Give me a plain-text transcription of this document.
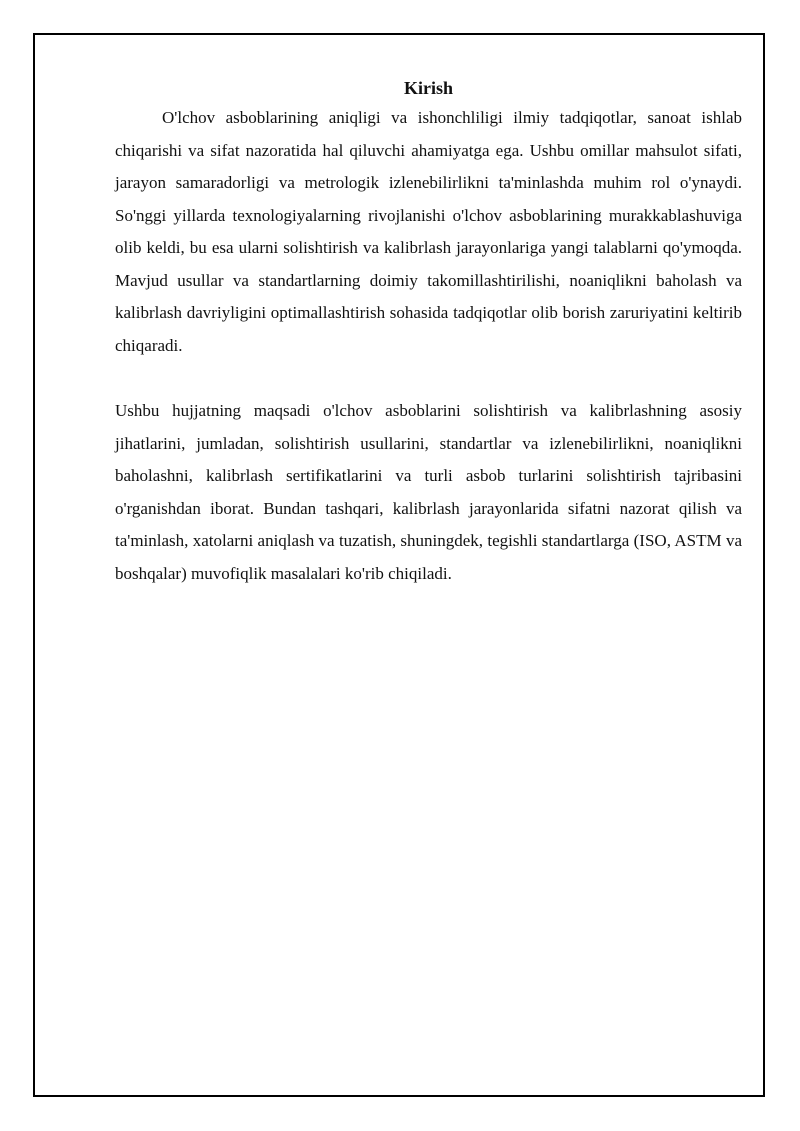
Kirish

O'lchov asboblarining aniqligi va ishonchliligi ilmiy tadqiqotlar, sanoat ishlab chiqarishi va sifat nazoratida hal qiluvchi ahamiyatga ega. Ushbu omillar mahsulot sifati, jarayon samaradorligi va metrologik izlenebilirlikni ta'minlashda muhim rol o'ynaydi. So'nggi yillarda texnologiyalarning rivojlanishi o'lchov asboblarining murakkablashuviga olib keldi, bu esa ularni solishtirish va kalibrlash jarayonlariga yangi talablarni qo'ymoqda. Mavjud usullar va standartlarning doimiy takomillashtirilishi, noaniqlikni baholash va kalibrlash davriyligini optimallashtirish sohasida tadqiqotlar olib borish zaruriyatini keltirib chiqaradi.

Ushbu hujjatning maqsadi o'lchov asboblarini solishtirish va kalibrlashning asosiy jihatlarini, jumladan, solishtirish usullarini, standartlar va izlenebilirlikni, noaniqlikni baholashni, kalibrlash sertifikatlarini va turli asbob turlarini solishtirish tajribasini o'rganishdan iborat. Bundan tashqari, kalibrlash jarayonlarida sifatni nazorat qilish va ta'minlash, xatolarni aniqlash va tuzatish, shuningdek, tegishli standartlarga (ISO, ASTM va boshqalar) muvofiqlik masalalari ko'rib chiqiladi.
